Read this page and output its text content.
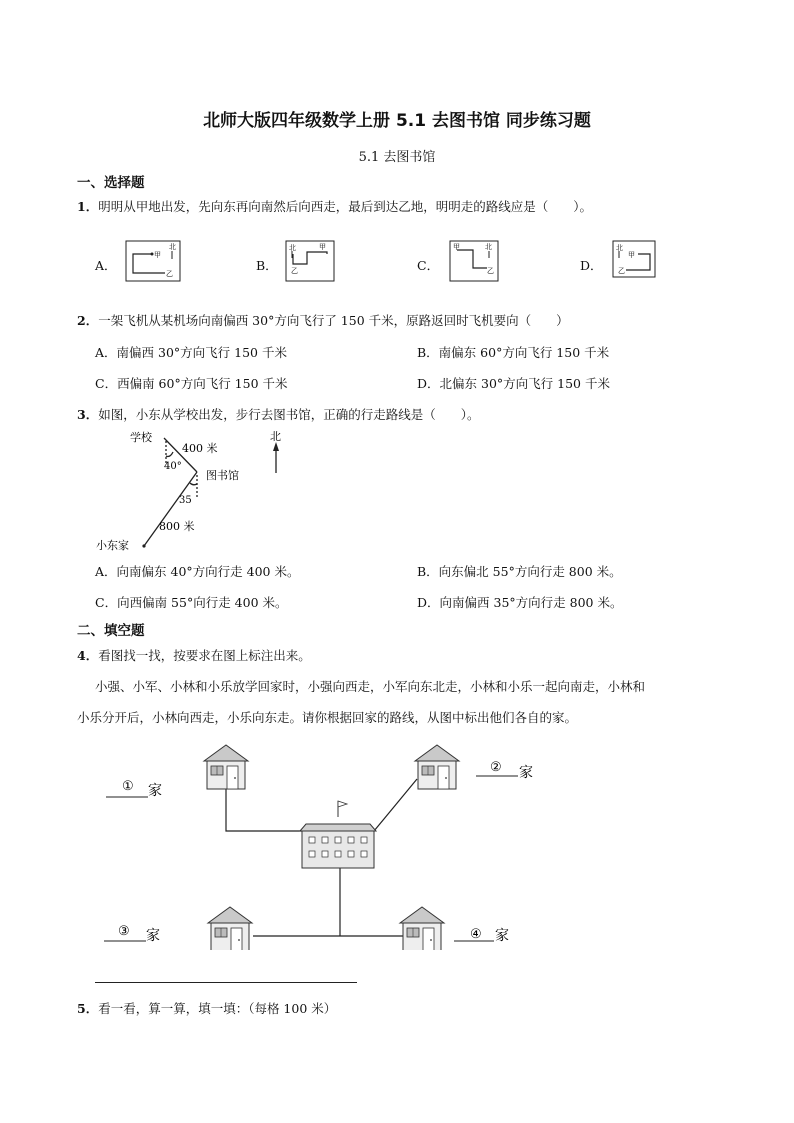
北师大版四年级数学上册 5.1 去图书馆 同步练习题
5.1 去图书馆
一、选择题
1．明明从甲地出发，先向东再向南然后向西走，最后到达乙地，明明走的路线应是（　　）。
A．	B．	C．	D．
甲
乙
北	北
乙
甲	甲	北
乙
北
甲
乙
2．一架飞机从某机场向南偏西 30°方向飞行了 150 千米，原路返回时飞机要向（　　）
A．南偏西 30°方向飞行 150 千米	B．南偏东 60°方向飞行 150 千米
C．西偏南 60°方向飞行 150 千米	D．北偏东 30°方向飞行 150 千米
3．如图，小东从学校出发，步行去图书馆，正确的行走路线是（　　）。
学校
400 米
40°
图书馆
35
800 米
小东家
北
A．向南偏东 40°方向行走 400 米。	B．向东偏北 55°方向行走 800 米。
C．向西偏南 55°向行走 400 米。	D．向南偏西 35°方向行走 800 米。
二、填空题
4．看图找一找，按要求在图上标注出来。
小强、小军、小林和小乐放学回家时，小强向西走，小军向东北走，小林和小乐一起向南走，小林和
小乐分开后，小林向西走，小乐向东走。请你根据回家的路线，从图中标出他们各自的家。
① 家
② 家
③ 家	④ 家
5．看一看，算一算，填一填：（每格 100 米）
